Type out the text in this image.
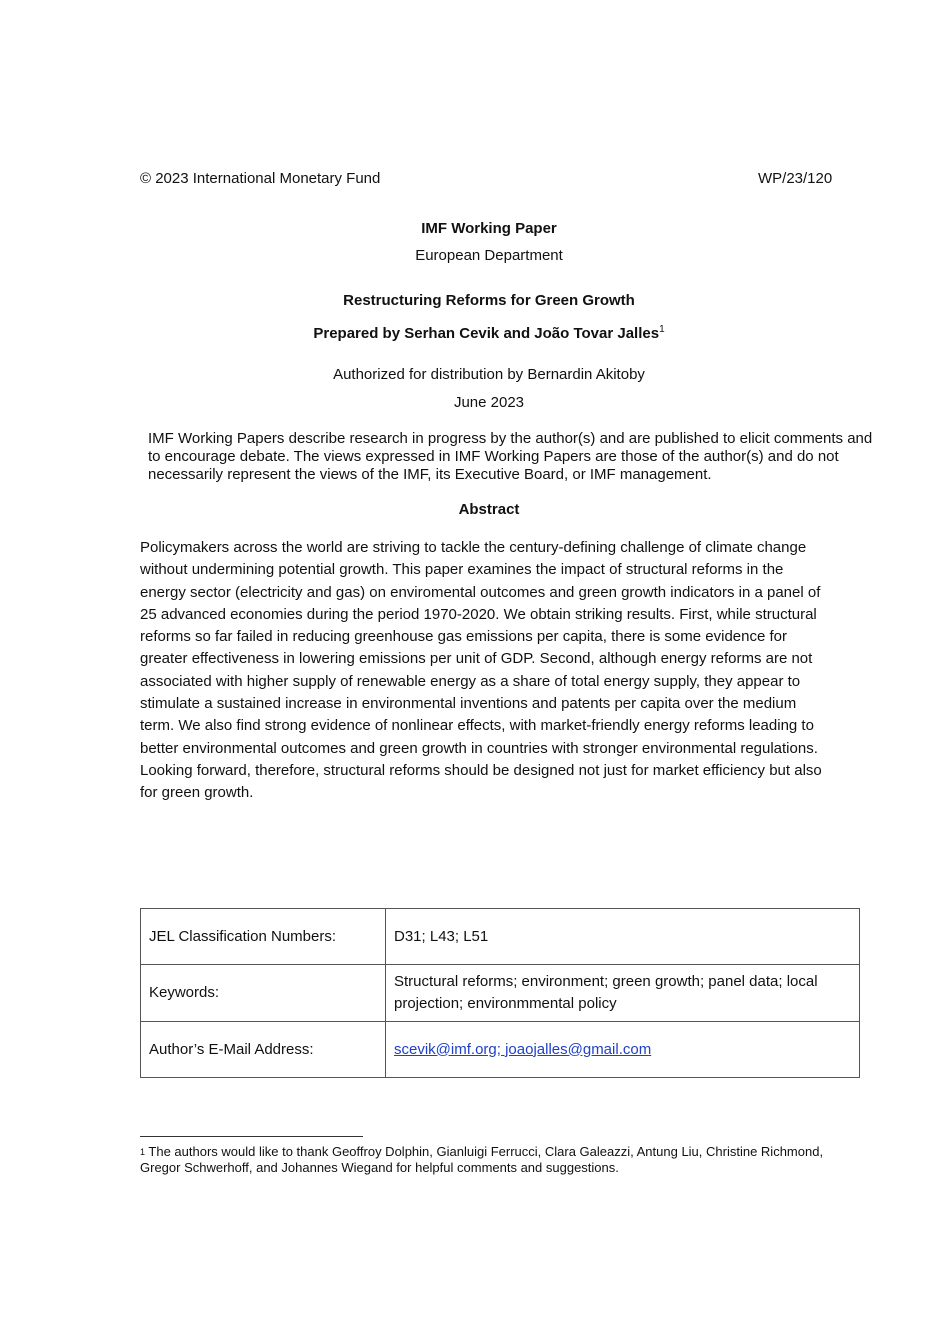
© 2023 International Monetary Fund	WP/23/120
IMF Working Paper
European Department
Restructuring Reforms for Green Growth
Prepared by Serhan Cevik and João Tovar Jalles$^1$
Authorized for distribution by Bernardin Akitoby
June 2023
IMF Working Papers describe research in progress by the author(s) and are published to elicit comments and to encourage debate. The views expressed in IMF Working Papers are those of the author(s) and do not necessarily represent the views of the IMF, its Executive Board, or IMF management.
Abstract
Policymakers across the world are striving to tackle the century-defining challenge of climate change without undermining potential growth. This paper examines the impact of structural reforms in the energy sector (electricity and gas) on enviromental outcomes and green growth indicators in a panel of 25 advanced economies during the period 1970-2020. We obtain striking results. First, while structural reforms so far failed in reducing greenhouse gas emissions per capita, there is some evidence for greater effectiveness in lowering emissions per unit of GDP. Second, although energy reforms are not associated with higher supply of renewable energy as a share of total energy supply, they appear to stimulate a sustained increase in environmental inventions and patents per capita over the medium term. We also find strong evidence of nonlinear effects, with market-friendly energy reforms leading to better environmental outcomes and green growth in countries with stronger environmental regulations. Looking forward, therefore, structural reforms should be designed not just for market efficiency but also for green growth.
JEL Classification Numbers:	D31; L43; L51
Keywords:	Structural reforms; environment; green growth; panel data; local projection; environmmental policy
Author’s E-Mail Address:	scevik@imf.org; joaojalles@gmail.com
$^1$ The authors would like to thank Geoffroy Dolphin, Gianluigi Ferrucci, Clara Galeazzi, Antung Liu, Christine Richmond, Gregor Schwerhoff, and Johannes Wiegand for helpful comments and suggestions.
